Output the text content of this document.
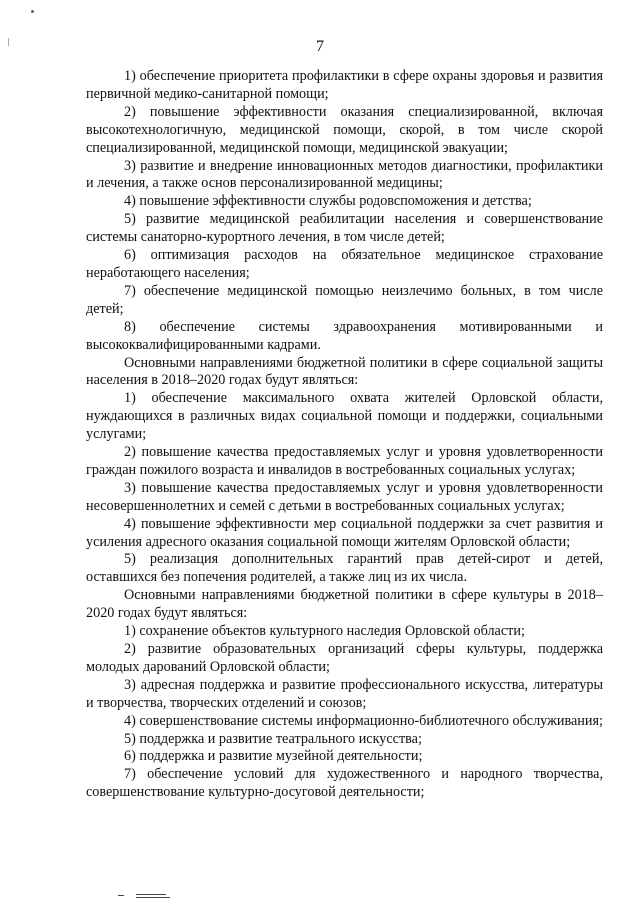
7

1) обеспечение приоритета профилактики в сфере охраны здоровья и развития первичной медико-санитарной помощи;

2) повышение эффективности оказания специализированной, включая высокотехнологичную, медицинской помощи, скорой, в том числе скорой специализированной, медицинской помощи, медицинской эвакуации;

3) развитие и внедрение инновационных методов диагностики, профилактики и лечения, а также основ персонализированной медицины;

4) повышение эффективности службы родовспоможения и детства;

5) развитие медицинской реабилитации населения и совершенствование системы санаторно-курортного лечения, в том числе детей;

6) оптимизация расходов на обязательное медицинское страхование неработающего населения;

7) обеспечение медицинской помощью неизлечимо больных, в том числе детей;

8) обеспечение системы здравоохранения мотивированными и высококвалифицированными кадрами.

Основными направлениями бюджетной политики в сфере социальной защиты населения в 2018–2020 годах будут являться:

1) обеспечение максимального охвата жителей Орловской области, нуждающихся в различных видах социальной помощи и поддержки, социальными услугами;

2) повышение качества предоставляемых услуг и уровня удовлетворенности граждан пожилого возраста и инвалидов в востребованных социальных услугах;

3) повышение качества предоставляемых услуг и уровня удовлетворенности несовершеннолетних и семей с детьми в востребованных социальных услугах;

4) повышение эффективности мер социальной поддержки за счет развития и усиления адресного оказания социальной помощи жителям Орловской области;

5) реализация дополнительных гарантий прав детей-сирот и детей, оставшихся без попечения родителей, а также лиц из их числа.

Основными направлениями бюджетной политики в сфере культуры в 2018–2020 годах будут являться:

1) сохранение объектов культурного наследия Орловской области;

2) развитие образовательных организаций сферы культуры, поддержка молодых дарований Орловской области;

3) адресная поддержка и развитие профессионального искусства, литературы и творчества, творческих отделений и союзов;

4) совершенствование системы информационно-библиотечного обслуживания;

5) поддержка и развитие театрального искусства;

6) поддержка и развитие музейной деятельности;

7) обеспечение условий для художественного и народного творчества, совершенствование культурно-досуговой деятельности;
